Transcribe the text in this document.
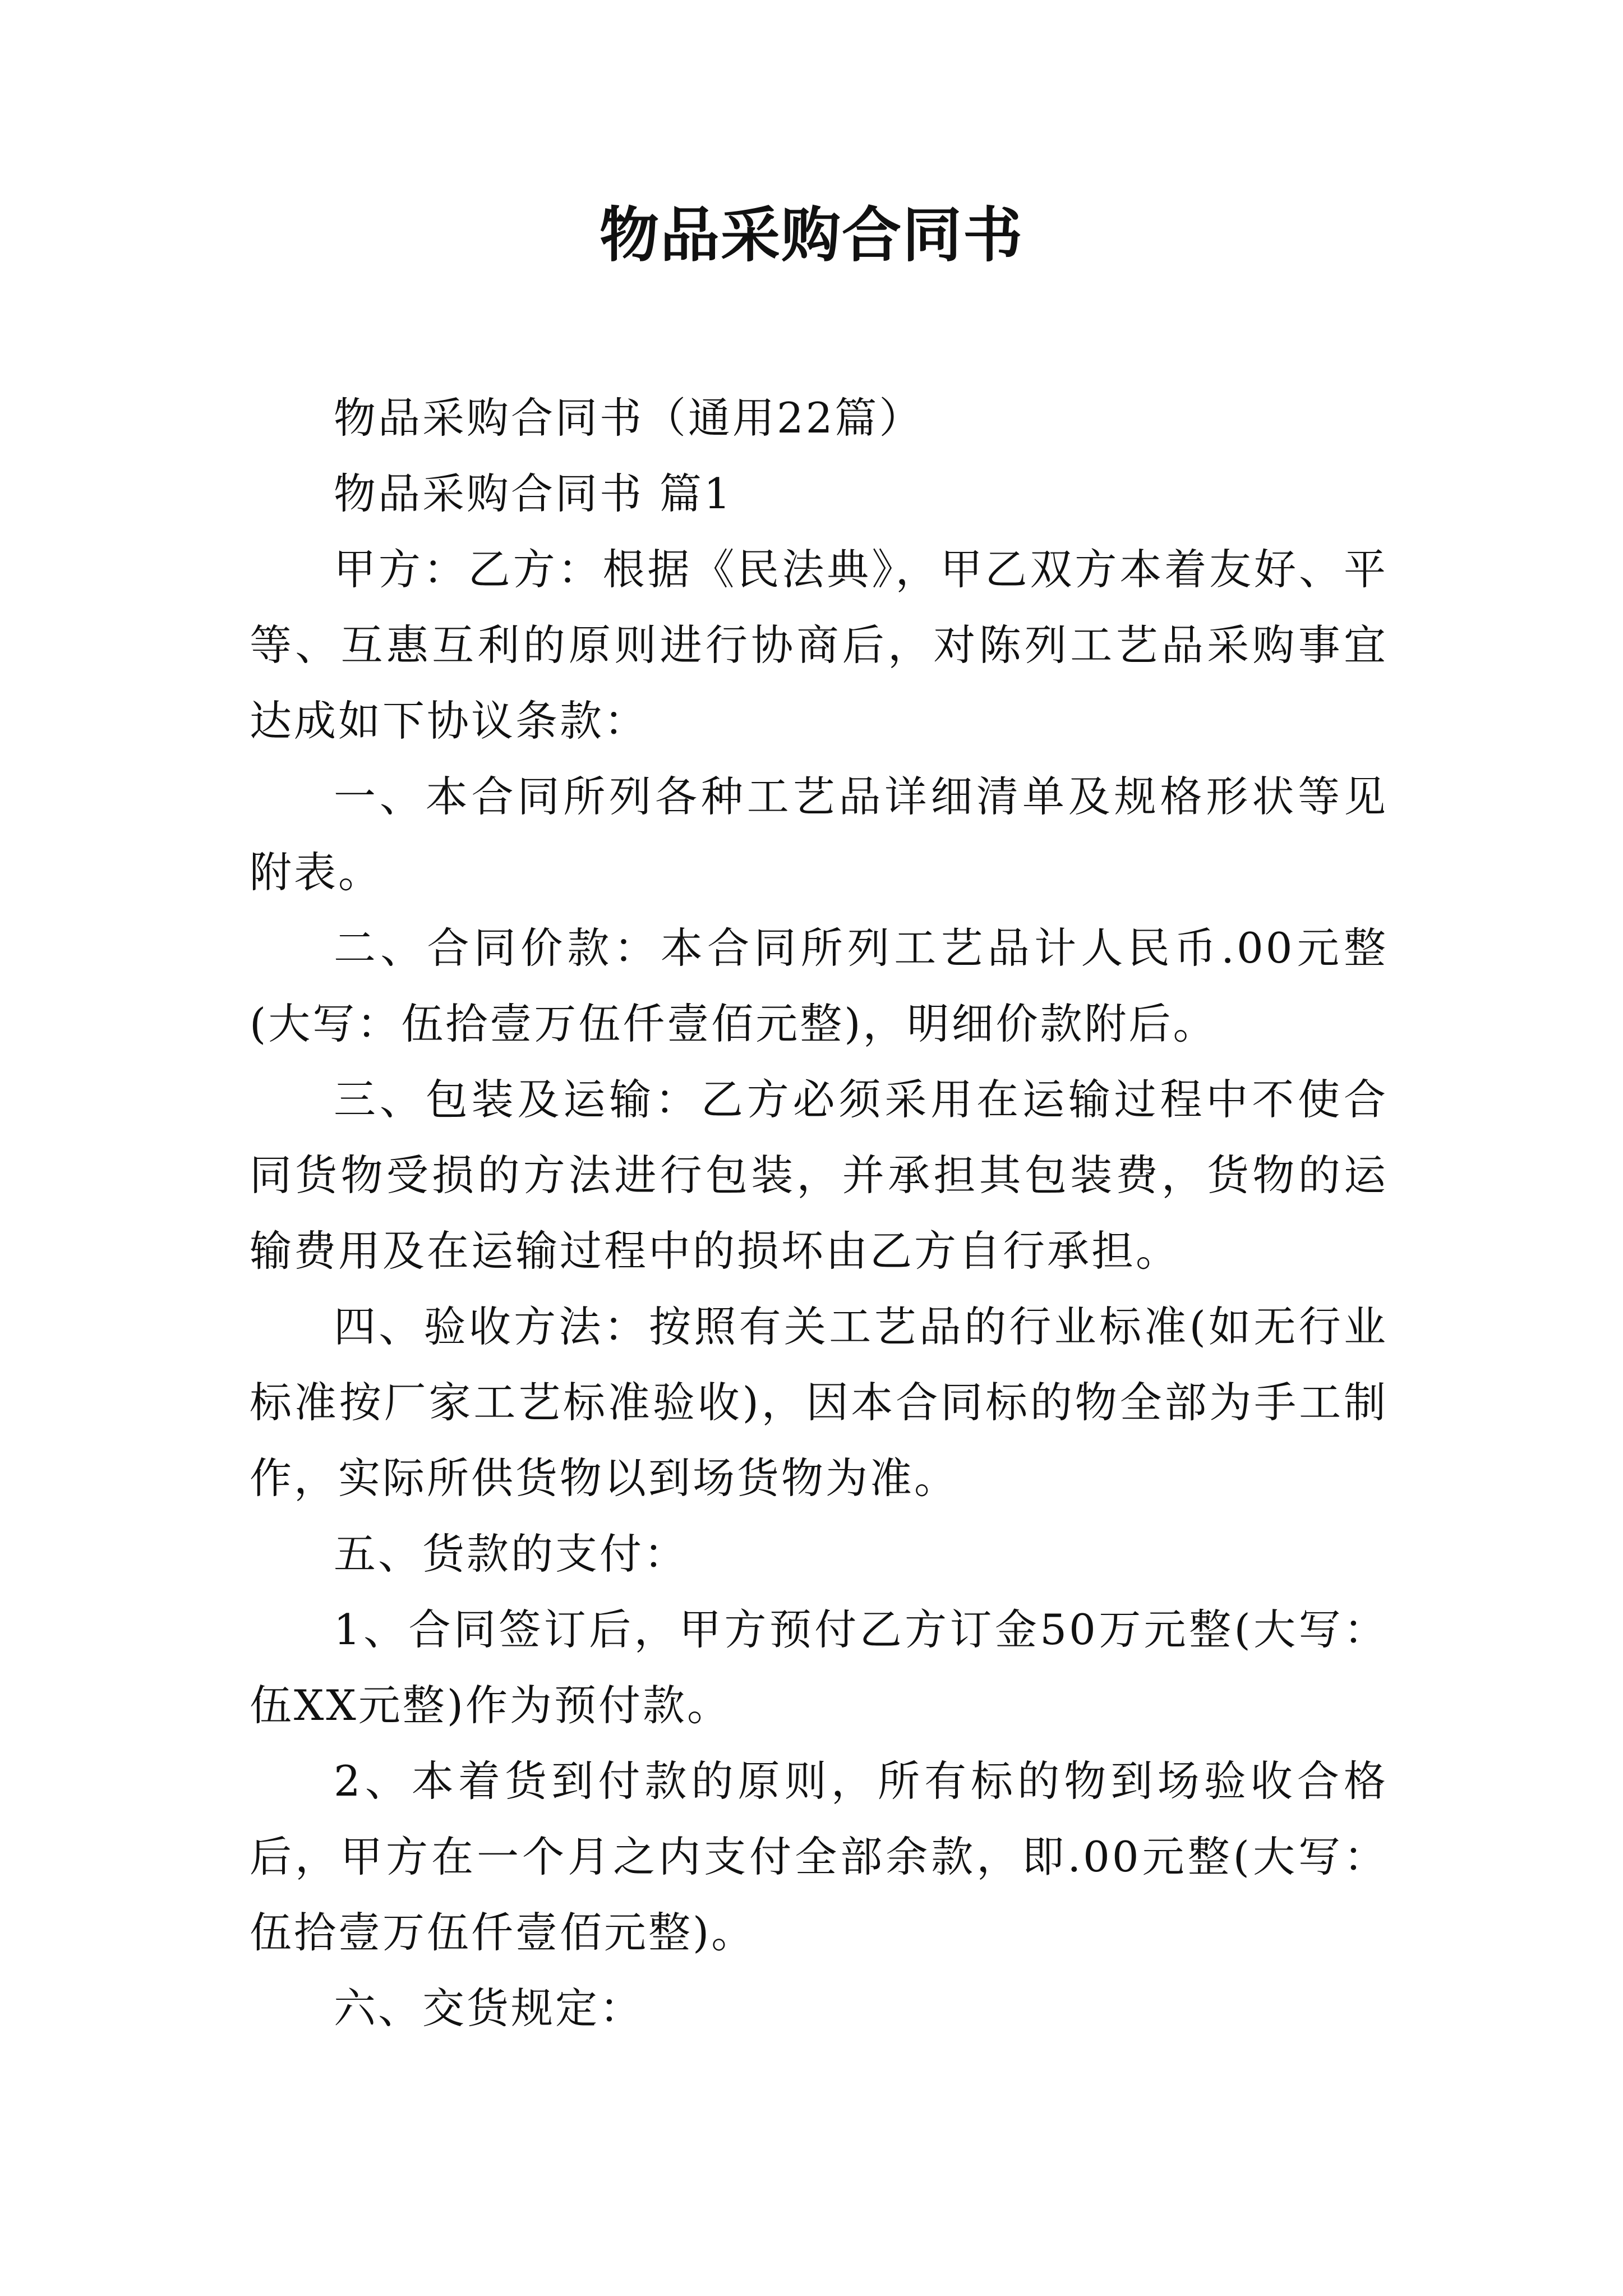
物品采购合同书

物品采购合同书（通用22篇）

物品采购合同书 篇1

甲方：乙方：根据《民法典》，甲乙双方本着友好、平等、互惠互利的原则进行协商后，对陈列工艺品采购事宜达成如下协议条款：

一、本合同所列各种工艺品详细清单及规格形状等见附表。

二、合同价款：本合同所列工艺品计人民币.00元整(大写：伍拾壹万伍仟壹佰元整)，明细价款附后。

三、包装及运输：乙方必须采用在运输过程中不使合同货物受损的方法进行包装，并承担其包装费，货物的运输费用及在运输过程中的损坏由乙方自行承担。

四、验收方法：按照有关工艺品的行业标准(如无行业标准按厂家工艺标准验收)，因本合同标的物全部为手工制作，实际所供货物以到场货物为准。

五、货款的支付：

1、合同签订后，甲方预付乙方订金50万元整(大写：伍XX元整)作为预付款。

2、本着货到付款的原则，所有标的物到场验收合格后，甲方在一个月之内支付全部余款，即.00元整(大写：伍拾壹万伍仟壹佰元整)。

六、交货规定：
